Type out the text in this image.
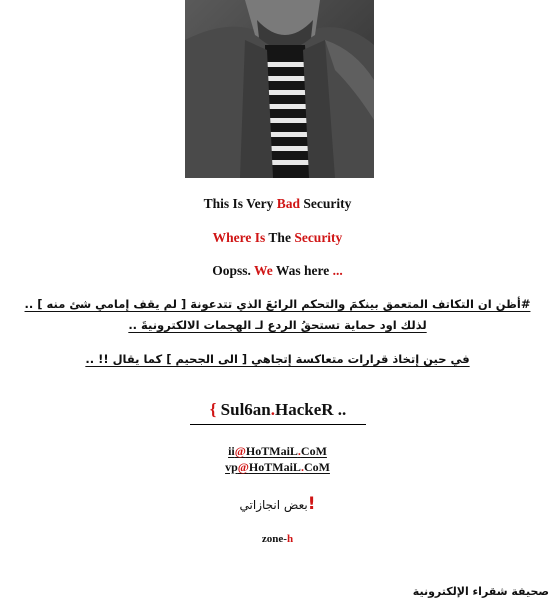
This Is Very Bad Security
Where Is The Security
Oopss. We Was here ...
#أظن ان التكاتف المتعمق بينكمَ والتحكم الرائعَ الذي تتدعونهَ [ لم يقف إمامي شئ منه ] ..
لذلك اود حماية تستحقُ الردع لـ الهجمات الالكترونيةَ ..
في حين إتخاذ قرارات متعاكسة إتجاهي [ الى الجحيم ] كما يقال !! ..
{ Sul6an.HackeR ..
ii@HoTMaiL.CoM
vp@HoTMaiL.CoM
بعض انجازاتي!
zone-h
صحيفة شقراء الإلكترونية
